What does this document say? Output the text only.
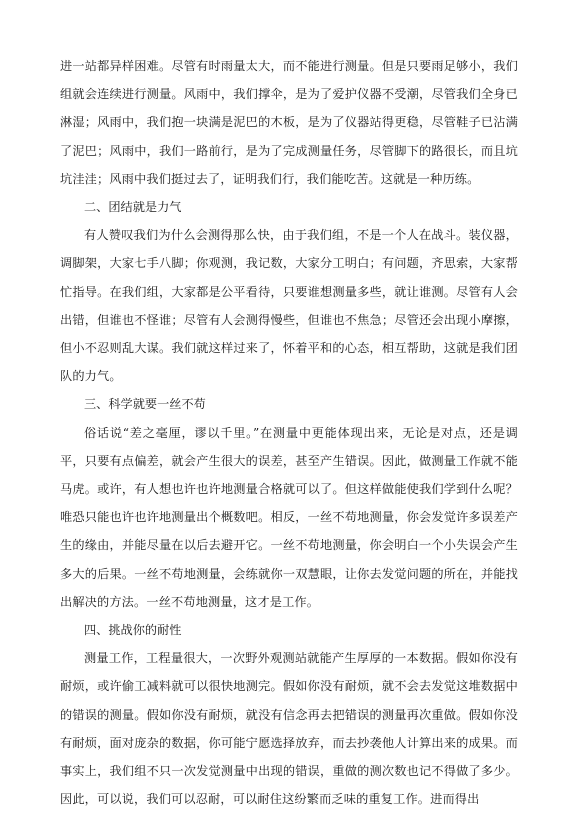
进一站都异样困难。尽管有时雨量太大，而不能进行测量。但是只要雨足够小，我们组就会连续进行测量。风雨中，我们撑伞，是为了爱护仪器不受潮，尽管我们全身已淋湿；风雨中，我们抱一块满是泥巴的木板，是为了仪器站得更稳，尽管鞋子已沾满了泥巴；风雨中，我们一路前行，是为了完成测量任务，尽管脚下的路很长，而且坑坑洼洼；风雨中我们挺过去了，证明我们行，我们能吃苦。这就是一种历练。

二、团结就是力气

有人赞叹我们为什么会测得那么快，由于我们组，不是一个人在战斗。装仪器，调脚架，大家七手八脚；你观测，我记数，大家分工明白；有问题，齐思索，大家帮忙指导。在我们组，大家都是公平看待，只要谁想测量多些，就让谁测。尽管有人会出错，但谁也不怪谁；尽管有人会测得慢些，但谁也不焦急；尽管还会出现小摩擦，但小不忍则乱大谋。我们就这样过来了，怀着平和的心态，相互帮助，这就是我们团队的力气。

三、科学就要一丝不苟

俗话说“差之毫厘，谬以千里。”在测量中更能体现出来，无论是对点，还是调平，只要有点偏差，就会产生很大的误差，甚至产生错误。因此，做测量工作就不能马虎。或许，有人想也许也许地测量合格就可以了。但这样做能使我们学到什么呢？唯恐只能也许也许地测量出个概数吧。相反，一丝不苟地测量，你会发觉许多误差产生的缘由，并能尽量在以后去避开它。一丝不苟地测量，你会明白一个小失误会产生多大的后果。一丝不苟地测量，会练就你一双慧眼，让你去发觉问题的所在，并能找出解决的方法。一丝不苟地测量，这才是工作。

四、挑战你的耐性

测量工作，工程量很大，一次野外观测站就能产生厚厚的一本数据。假如你没有耐烦，或许偷工减料就可以很快地测完。假如你没有耐烦，就不会去发觉这堆数据中的错误的测量。假如你没有耐烦，就没有信念再去把错误的测量再次重做。假如你没有耐烦，面对庞杂的数据，你可能宁愿选择放弃，而去抄袭他人计算出来的成果。而事实上，我们组不只一次发觉测量中出现的错误，重做的测次数也记不得做了多少。因此，可以说，我们可以忍耐，可以耐住这纷繁而乏味的重复工作。进而得出
